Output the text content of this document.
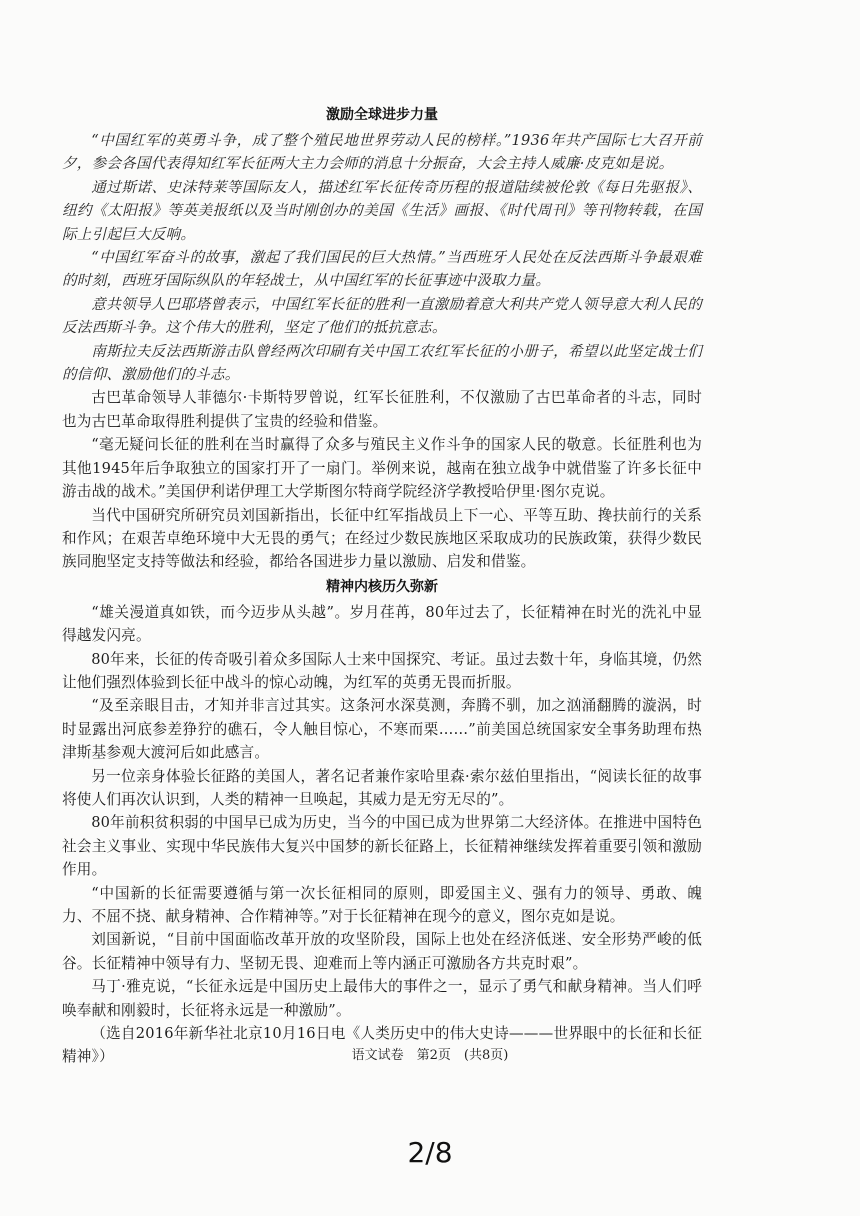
激励全球进步力量

“中国红军的英勇斗争，成了整个殖民地世界劳动人民的榜样。”1936年共产国际七大召开前夕，参会各国代表得知红军长征两大主力会师的消息十分振奋，大会主持人威廉·皮克如是说。

通过斯诺、史沫特莱等国际友人，描述红军长征传奇历程的报道陆续被伦敦《每日先驱报》、纽约《太阳报》等英美报纸以及当时刚创办的美国《生活》画报、《时代周刊》等刊物转载，在国际上引起巨大反响。

“中国红军奋斗的故事，激起了我们国民的巨大热情。”当西班牙人民处在反法西斯斗争最艰难的时刻，西班牙国际纵队的年轻战士，从中国红军的长征事迹中汲取力量。

意共领导人巴耶塔曾表示，中国红军长征的胜利一直激励着意大利共产党人领导意大利人民的反法西斯斗争。这个伟大的胜利，坚定了他们的抵抗意志。

南斯拉夫反法西斯游击队曾经两次印刷有关中国工农红军长征的小册子，希望以此坚定战士们的信仰、激励他们的斗志。

古巴革命领导人菲德尔·卡斯特罗曾说，红军长征胜利，不仅激励了古巴革命者的斗志，同时也为古巴革命取得胜利提供了宝贵的经验和借鉴。

“毫无疑问长征的胜利在当时赢得了众多与殖民主义作斗争的国家人民的敬意。长征胜利也为其他1945年后争取独立的国家打开了一扇门。举例来说，越南在独立战争中就借鉴了许多长征中游击战的战术。”美国伊利诺伊理工大学斯图尔特商学院经济学教授哈伊里·图尔克说。

当代中国研究所研究员刘国新指出，长征中红军指战员上下一心、平等互助、搀扶前行的关系和作风；在艰苦卓绝环境中大无畏的勇气；在经过少数民族地区采取成功的民族政策，获得少数民族同胞坚定支持等做法和经验，都给各国进步力量以激励、启发和借鉴。

精神内核历久弥新

“雄关漫道真如铁，而今迈步从头越”。岁月荏苒，80年过去了，长征精神在时光的洗礼中显得越发闪亮。

80年来，长征的传奇吸引着众多国际人士来中国探究、考证。虽过去数十年，身临其境，仍然让他们强烈体验到长征中战斗的惊心动魄，为红军的英勇无畏而折服。

“及至亲眼目击，才知并非言过其实。这条河水深莫测，奔腾不驯，加之汹涌翻腾的漩涡，时时显露出河底参差狰狞的礁石，令人触目惊心，不寒而栗……”前美国总统国家安全事务助理布热津斯基参观大渡河后如此感言。

另一位亲身体验长征路的美国人，著名记者兼作家哈里森·索尔兹伯里指出，“阅读长征的故事将使人们再次认识到，人类的精神一旦唤起，其威力是无穷无尽的”。

80年前积贫积弱的中国早已成为历史，当今的中国已成为世界第二大经济体。在推进中国特色社会主义事业、实现中华民族伟大复兴中国梦的新长征路上，长征精神继续发挥着重要引领和激励作用。

“中国新的长征需要遵循与第一次长征相同的原则，即爱国主义、强有力的领导、勇敢、魄力、不屈不挠、献身精神、合作精神等。”对于长征精神在现今的意义，图尔克如是说。

刘国新说，“目前中国面临改革开放的攻坚阶段，国际上也处在经济低迷、安全形势严峻的低谷。长征精神中领导有力、坚韧无畏、迎难而上等内涵正可激励各方共克时艰”。

马丁·雅克说，“长征永远是中国历史上最伟大的事件之一，显示了勇气和献身精神。当人们呼唤奉献和刚毅时，长征将永远是一种激励”。

（选自2016年新华社北京10月16日电《人类历史中的伟大史诗———世界眼中的长征和长征精神》）	语文试卷　第2页　(共8页)
2/8
